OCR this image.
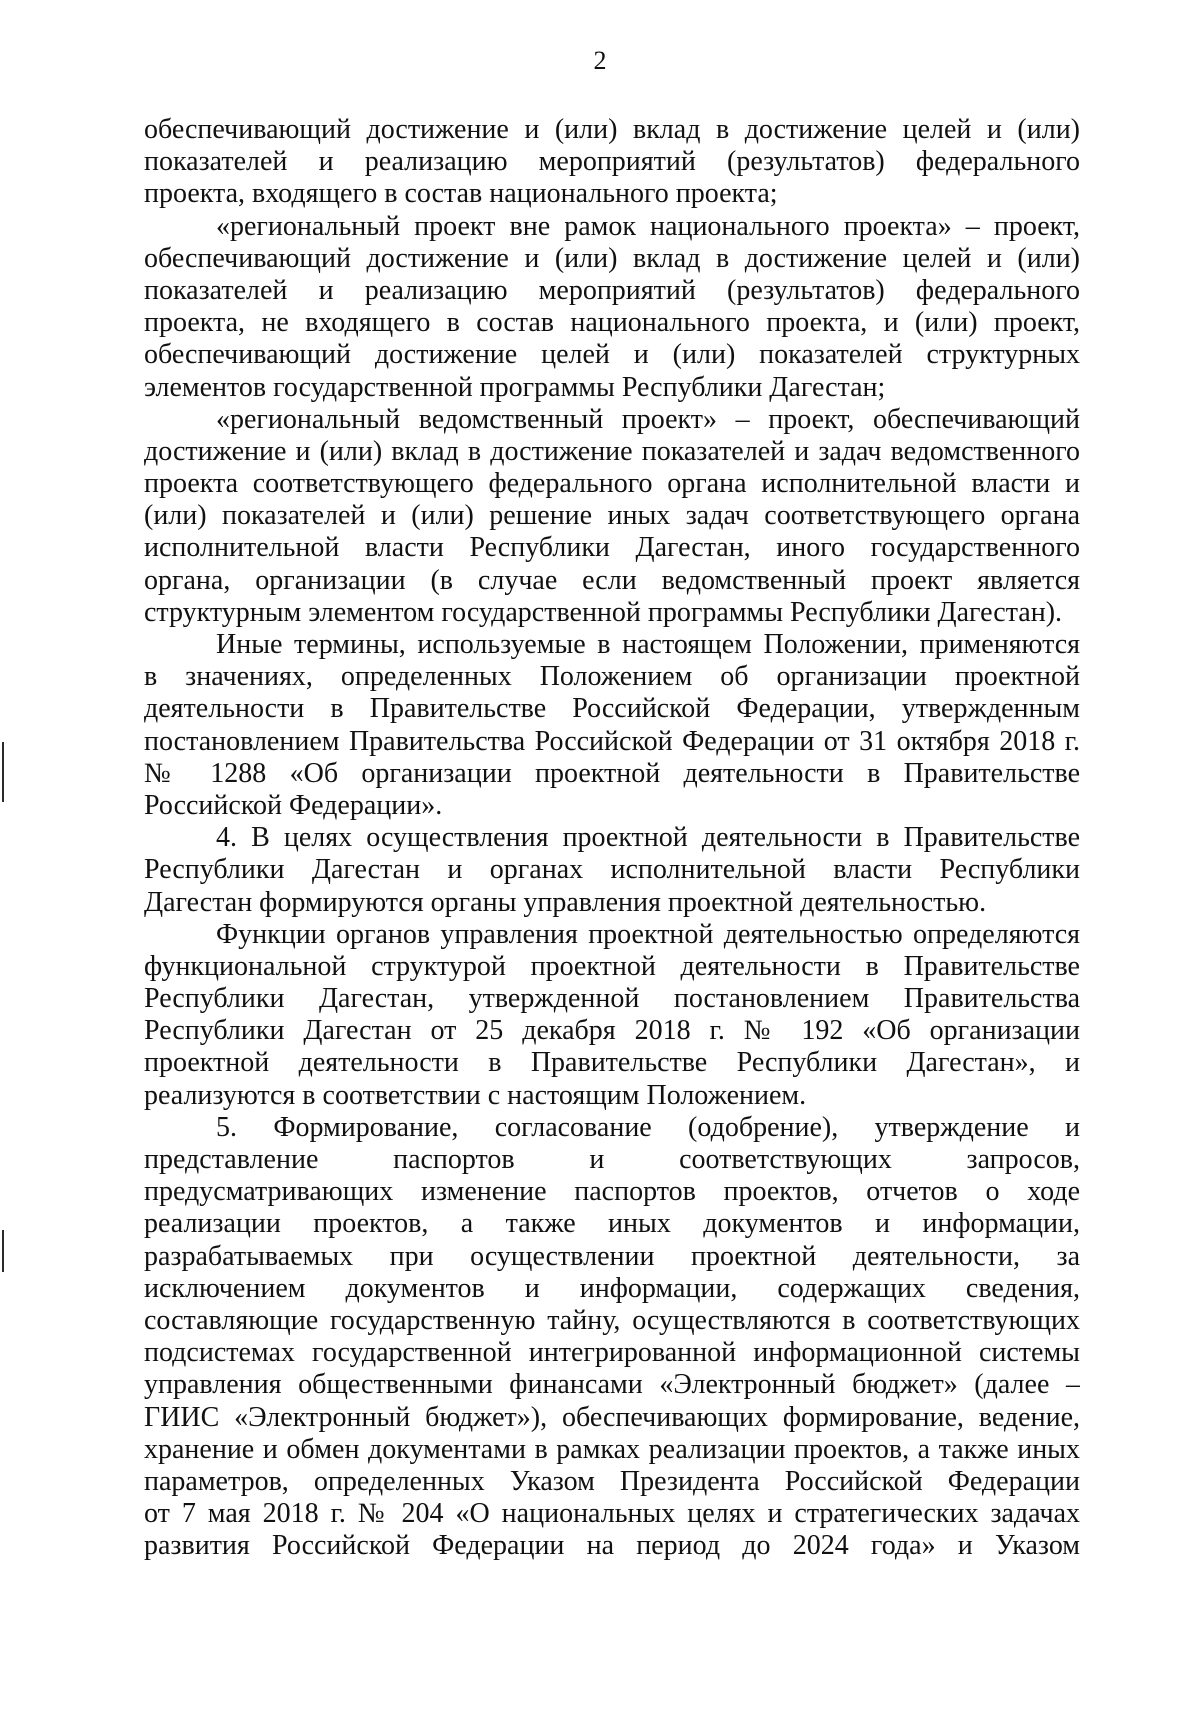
2
обеспечивающий достижение и (или) вклад в достижение целей и (или)
показателей и реализацию мероприятий (результатов) федерального
проекта, входящего в состав национального проекта;
«региональный проект вне рамок национального проекта» – проект,
обеспечивающий достижение и (или) вклад в достижение целей и (или)
показателей и реализацию мероприятий (результатов) федерального
проекта, не входящего в состав национального проекта, и (или) проект,
обеспечивающий достижение целей и (или) показателей структурных
элементов государственной программы Республики Дагестан;
«региональный ведомственный проект» – проект, обеспечивающий
достижение и (или) вклад в достижение показателей и задач ведомственного
проекта соответствующего федерального органа исполнительной власти и
(или) показателей и (или) решение иных задач соответствующего органа
исполнительной власти Республики Дагестан, иного государственного
органа, организации (в случае если ведомственный проект является
структурным элементом государственной программы Республики Дагестан).
Иные термины, используемые в настоящем Положении, применяются
в значениях, определенных Положением об организации проектной
деятельности в Правительстве Российской Федерации, утвержденным
постановлением Правительства Российской Федерации от 31 октября 2018 г.
№ 1288 «Об организации проектной деятельности в Правительстве
Российской Федерации».
4. В целях осуществления проектной деятельности в Правительстве
Республики Дагестан и органах исполнительной власти Республики
Дагестан формируются органы управления проектной деятельностью.
Функции органов управления проектной деятельностью определяются
функциональной структурой проектной деятельности в Правительстве
Республики Дагестан, утвержденной постановлением Правительства
Республики Дагестан от 25 декабря 2018 г. № 192 «Об организации
проектной деятельности в Правительстве Республики Дагестан», и
реализуются в соответствии с настоящим Положением.
5. Формирование, согласование (одобрение), утверждение и
представление паспортов и соответствующих запросов,
предусматривающих изменение паспортов проектов, отчетов о ходе
реализации проектов, а также иных документов и информации,
разрабатываемых при осуществлении проектной деятельности, за
исключением документов и информации, содержащих сведения,
составляющие государственную тайну, осуществляются в соответствующих
подсистемах государственной интегрированной информационной системы
управления общественными финансами «Электронный бюджет» (далее –
ГИИС «Электронный бюджет»), обеспечивающих формирование, ведение,
хранение и обмен документами в рамках реализации проектов, а также иных
параметров, определенных Указом Президента Российской Федерации
от 7 мая 2018 г. № 204 «О национальных целях и стратегических задачах
развития Российской Федерации на период до 2024 года» и Указом
